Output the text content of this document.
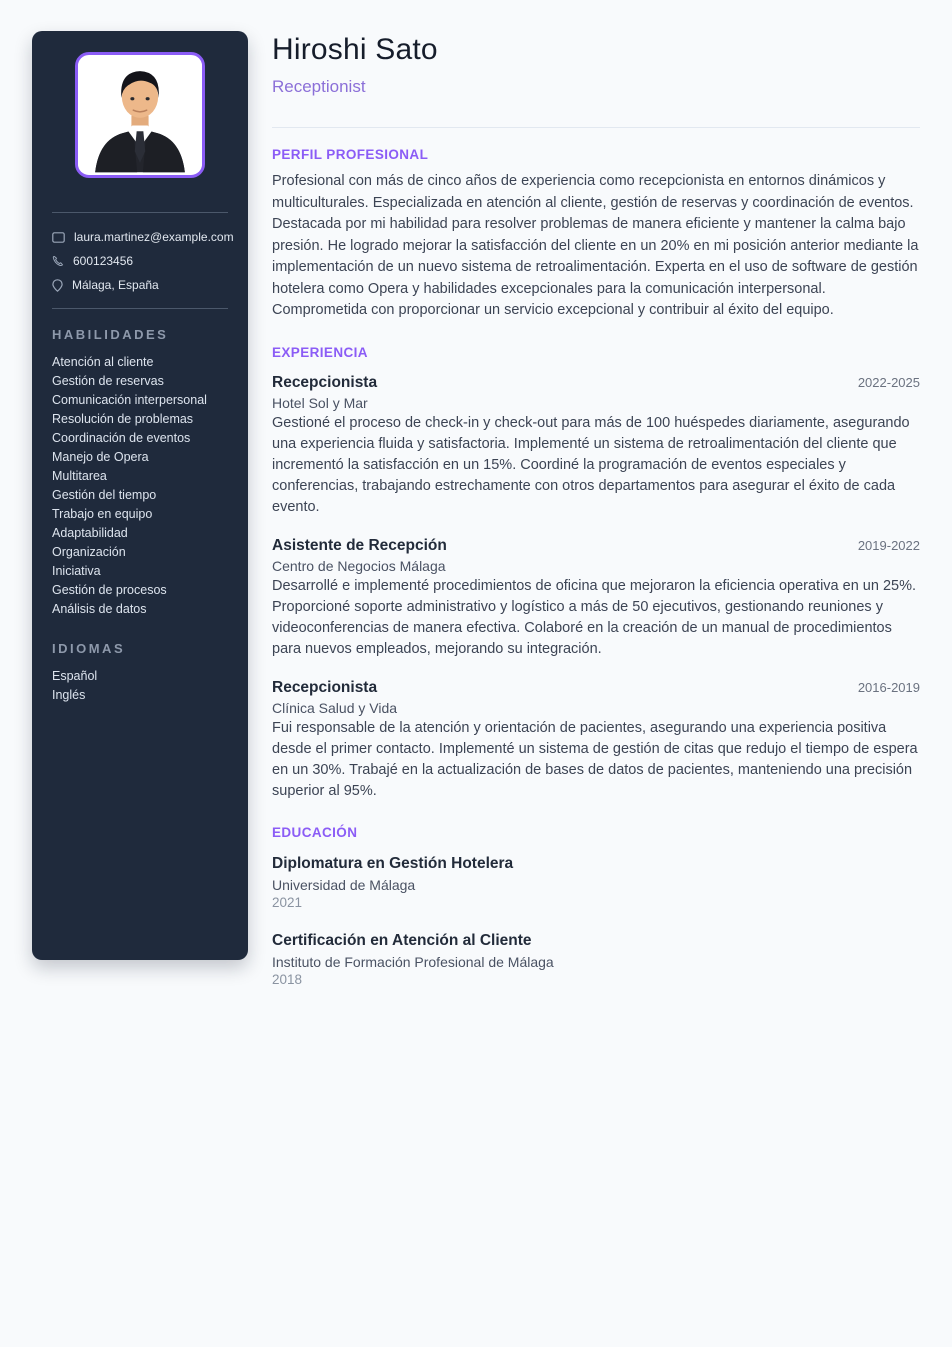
laura.martinez@example.com
600123456
Málaga, España
HABILIDADES
Atención al cliente
Gestión de reservas
Comunicación interpersonal
Resolución de problemas
Coordinación de eventos
Manejo de Opera
Multitarea
Gestión del tiempo
Trabajo en equipo
Adaptabilidad
Organización
Iniciativa
Gestión de procesos
Análisis de datos
IDIOMAS
Español
Inglés
Hiroshi Sato
Receptionist
PERFIL PROFESIONAL

Profesional con más de cinco años de experiencia como recepcionista en entornos dinámicos y multiculturales. Especializada en atención al cliente, gestión de reservas y coordinación de eventos. Destacada por mi habilidad para resolver problemas de manera eficiente y mantener la calma bajo presión. He logrado mejorar la satisfacción del cliente en un 20% en mi posición anterior mediante la implementación de un nuevo sistema de retroalimentación. Experta en el uso de software de gestión hotelera como Opera y habilidades excepcionales para la comunicación interpersonal. Comprometida con proporcionar un servicio excepcional y contribuir al éxito del equipo.

EXPERIENCIA
Recepcionista	2022-2025
Hotel Sol y Mar
Gestioné el proceso de check-in y check-out para más de 100 huéspedes diariamente, asegurando una experiencia fluida y satisfactoria. Implementé un sistema de retroalimentación del cliente que incrementó la satisfacción en un 15%. Coordiné la programación de eventos especiales y conferencias, trabajando estrechamente con otros departamentos para asegurar el éxito de cada evento.
Asistente de Recepción	2019-2022
Centro de Negocios Málaga
Desarrollé e implementé procedimientos de oficina que mejoraron la eficiencia operativa en un 25%. Proporcioné soporte administrativo y logístico a más de 50 ejecutivos, gestionando reuniones y videoconferencias de manera efectiva. Colaboré en la creación de un manual de procedimientos para nuevos empleados, mejorando su integración.
Recepcionista	2016-2019
Clínica Salud y Vida
Fui responsable de la atención y orientación de pacientes, asegurando una experiencia positiva desde el primer contacto. Implementé un sistema de gestión de citas que redujo el tiempo de espera en un 30%. Trabajé en la actualización de bases de datos de pacientes, manteniendo una precisión superior al 95%.
EDUCACIÓN
Diplomatura en Gestión Hotelera
Universidad de Málaga
2021
Certificación en Atención al Cliente
Instituto de Formación Profesional de Málaga
2018
